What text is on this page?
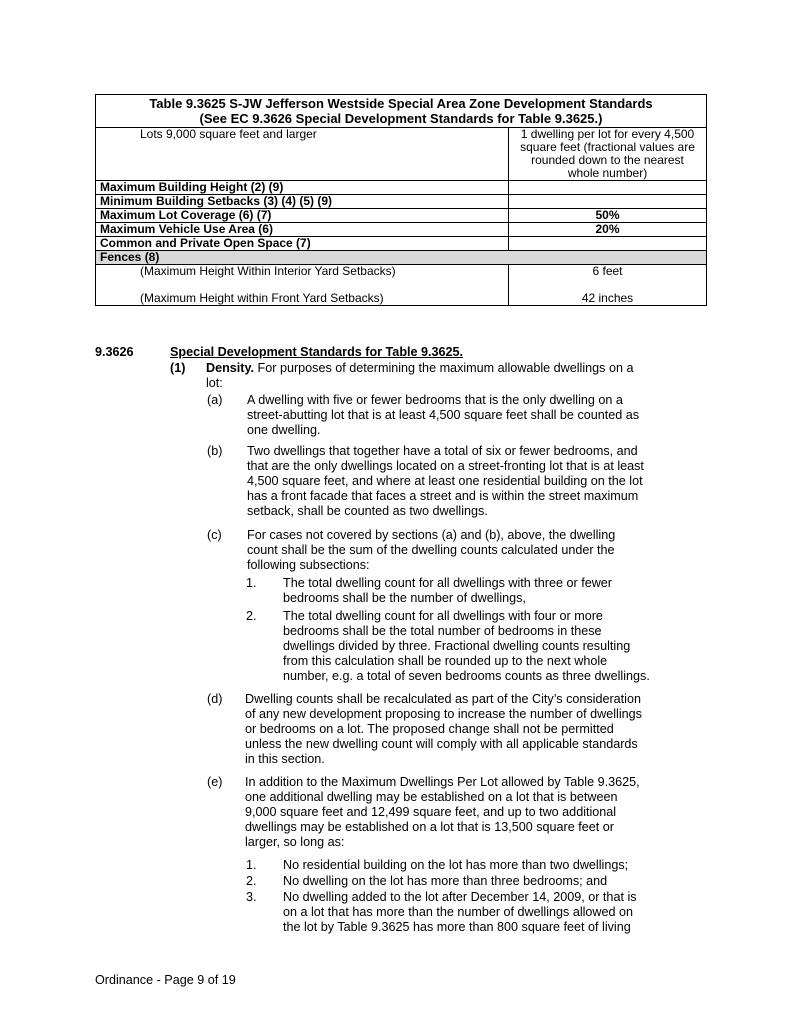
Table 9.3625 S-JW Jefferson Westside Special Area Zone Development Standards
(See EC 9.3626 Special Development Standards for Table 9.3625.)	

Lots 9,000 square feet and larger	1 dwelling per lot for every 4,500 square feet (fractional values are rounded down to the nearest whole number)
Maximum Building Height (2) (9)	
Minimum Building Setbacks (3) (4) (5) (9)	
Maximum Lot Coverage (6) (7)	50%
Maximum Vehicle Use Area (6)	20%
Common and Private Open Space (7)	
Fences (8)	
(Maximum Height Within Interior Yard Setbacks)	6 feet
(Maximum Height within Front Yard Setbacks)	42 inches
9.3626	Special Development Standards for Table 9.3625.
(1) Density. For purposes of determining the maximum allowable dwellings on a
lot:
(a) A dwelling with five or fewer bedrooms that is the only dwelling on a
street-abutting lot that is at least 4,500 square feet shall be counted as
one dwelling.
(b) Two dwellings that together have a total of six or fewer bedrooms, and
that are the only dwellings located on a street-fronting lot that is at least
4,500 square feet, and where at least one residential building on the lot
has a front facade that faces a street and is within the street maximum
setback, shall be counted as two dwellings.
(c) For cases not covered by sections (a) and (b), above, the dwelling
count shall be the sum of the dwelling counts calculated under the
following subsections:
1. The total dwelling count for all dwellings with three or fewer
bedrooms shall be the number of dwellings,
2. The total dwelling count for all dwellings with four or more
bedrooms shall be the total number of bedrooms in these
dwellings divided by three. Fractional dwelling counts resulting
from this calculation shall be rounded up to the next whole
number, e.g. a total of seven bedrooms counts as three dwellings.
(d) Dwelling counts shall be recalculated as part of the City’s consideration
of any new development proposing to increase the number of dwellings
or bedrooms on a lot. The proposed change shall not be permitted
unless the new dwelling count will comply with all applicable standards
in this section.
(e) In addition to the Maximum Dwellings Per Lot allowed by Table 9.3625,
one additional dwelling may be established on a lot that is between
9,000 square feet and 12,499 square feet, and up to two additional
dwellings may be established on a lot that is 13,500 square feet or
larger, so long as:
1. No residential building on the lot has more than two dwellings;
2. No dwelling on the lot has more than three bedrooms; and
3. No dwelling added to the lot after December 14, 2009, or that is
on a lot that has more than the number of dwellings allowed on
the lot by Table 9.3625 has more than 800 square feet of living
Ordinance - Page 9 of 19
